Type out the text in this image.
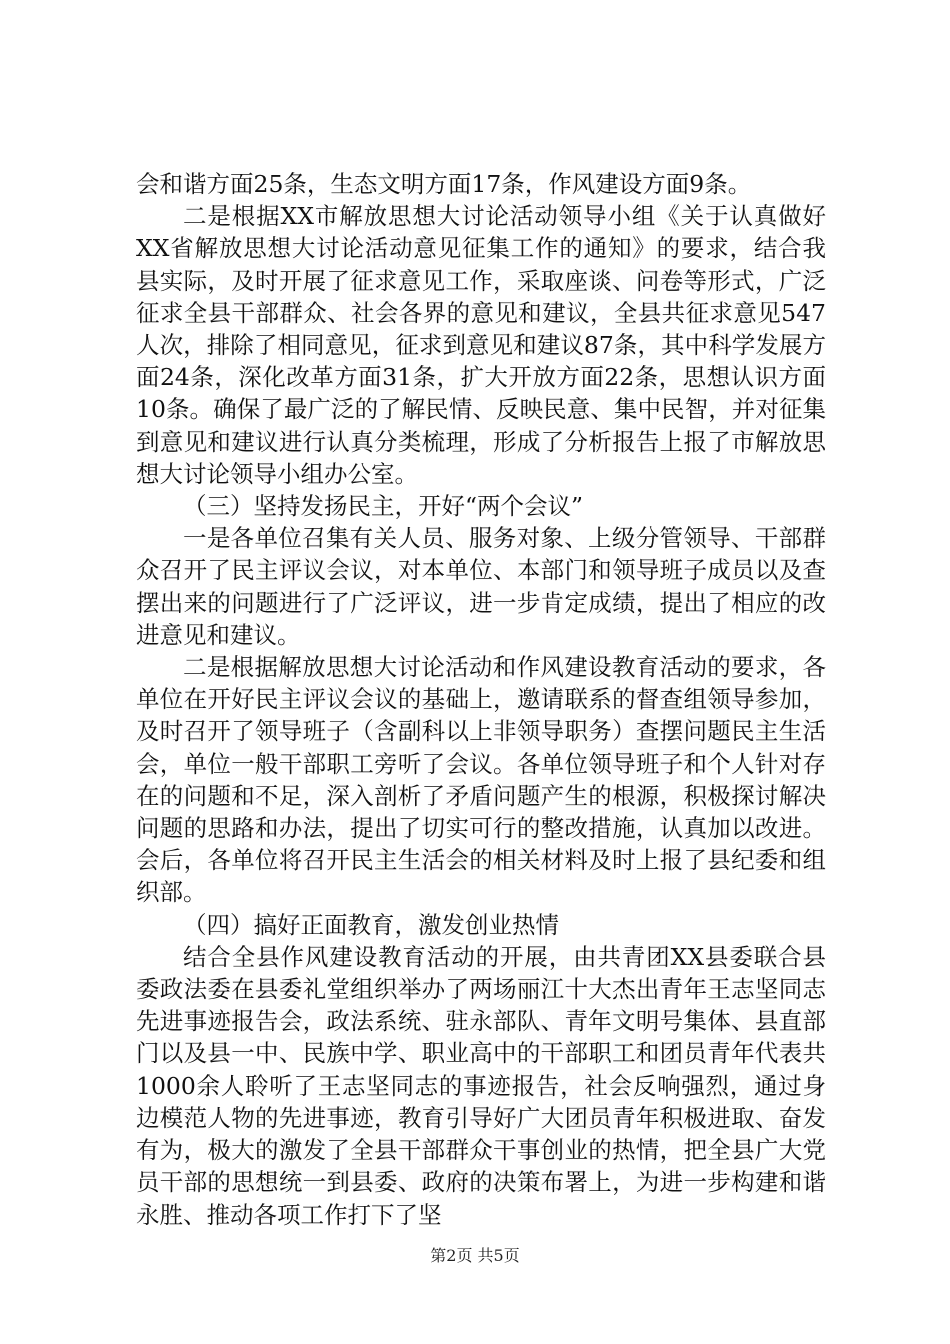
会和谐方面25条，生态文明方面17条，作风建设方面9条。

二是根据XX市解放思想大讨论活动领导小组《关于认真做好XX省解放思想大讨论活动意见征集工作的通知》的要求，结合我县实际，及时开展了征求意见工作，采取座谈、问卷等形式，广泛征求全县干部群众、社会各界的意见和建议，全县共征求意见547人次，排除了相同意见，征求到意见和建议87条，其中科学发展方面24条，深化改革方面31条，扩大开放方面22条，思想认识方面10条。确保了最广泛的了解民情、反映民意、集中民智，并对征集到意见和建议进行认真分类梳理，形成了分析报告上报了市解放思想大讨论领导小组办公室。

（三）坚持发扬民主，开好“两个会议”

一是各单位召集有关人员、服务对象、上级分管领导、干部群众召开了民主评议会议，对本单位、本部门和领导班子成员以及查摆出来的问题进行了广泛评议，进一步肯定成绩，提出了相应的改进意见和建议。

二是根据解放思想大讨论活动和作风建设教育活动的要求，各单位在开好民主评议会议的基础上，邀请联系的督查组领导参加，及时召开了领导班子（含副科以上非领导职务）查摆问题民主生活会，单位一般干部职工旁听了会议。各单位领导班子和个人针对存在的问题和不足，深入剖析了矛盾问题产生的根源，积极探讨解决问题的思路和办法，提出了切实可行的整改措施，认真加以改进。会后，各单位将召开民主生活会的相关材料及时上报了县纪委和组织部。

（四）搞好正面教育，激发创业热情

结合全县作风建设教育活动的开展，由共青团XX县委联合县委政法委在县委礼堂组织举办了两场丽江十大杰出青年王志坚同志先进事迹报告会，政法系统、驻永部队、青年文明号集体、县直部门以及县一中、民族中学、职业高中的干部职工和团员青年代表共1000余人聆听了王志坚同志的事迹报告，社会反响强烈，通过身边模范人物的先进事迹，教育引导好广大团员青年积极进取、奋发有为，极大的激发了全县干部群众干事创业的热情，把全县广大党员干部的思想统一到县委、政府的决策布署上，为进一步构建和谐永胜、推动各项工作打下了坚

第2页 共5页
